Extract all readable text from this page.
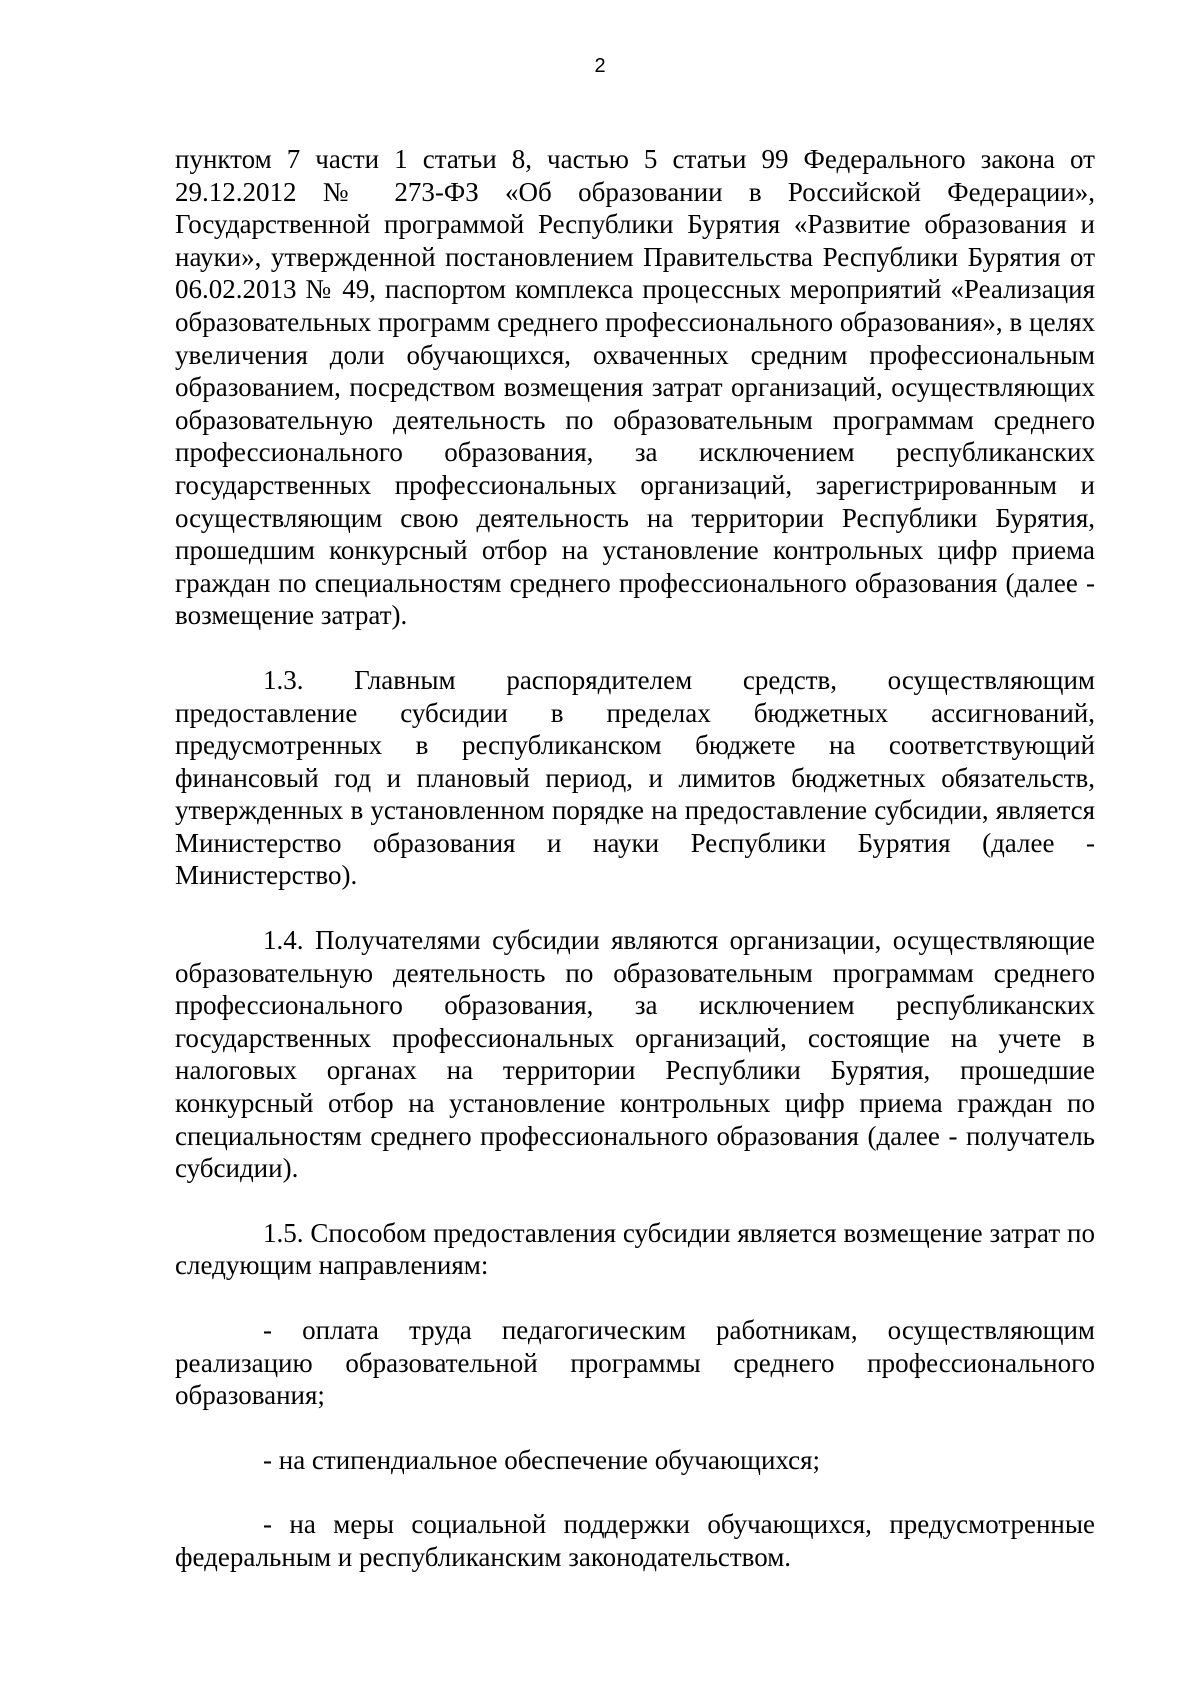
2

пунктом 7 части 1 статьи 8, частью 5 статьи 99 Федерального закона от 29.12.2012 № 273-ФЗ «Об образовании в Российской Федерации», Государственной программой Республики Бурятия «Развитие образования и науки», утвержденной постановлением Правительства Республики Бурятия от 06.02.2013 № 49, паспортом комплекса процессных мероприятий «Реализация образовательных программ среднего профессионального образования», в целях увеличения доли обучающихся, охваченных средним профессиональным образованием, посредством возмещения затрат организаций, осуществляющих образовательную деятельность по образовательным программам среднего профессионального образования, за исключением республиканских государственных профессиональных организаций, зарегистрированным и осуществляющим свою деятельность на территории Республики Бурятия, прошедшим конкурсный отбор на установление контрольных цифр приема граждан по специальностям среднего профессионального образования (далее - возмещение затрат).

1.3. Главным распорядителем средств, осуществляющим предоставление субсидии в пределах бюджетных ассигнований, предусмотренных в республиканском бюджете на соответствующий финансовый год и плановый период, и лимитов бюджетных обязательств, утвержденных в установленном порядке на предоставление субсидии, является Министерство образования и науки Республики Бурятия (далее - Министерство).

1.4. Получателями субсидии являются организации, осуществляющие образовательную деятельность по образовательным программам среднего профессионального образования, за исключением республиканских государственных профессиональных организаций, состоящие на учете в налоговых органах на территории Республики Бурятия, прошедшие конкурсный отбор на установление контрольных цифр приема граждан по специальностям среднего профессионального образования (далее - получатель субсидии).

1.5. Способом предоставления субсидии является возмещение затрат по следующим направлениям:

- оплата труда педагогическим работникам, осуществляющим реализацию образовательной программы среднего профессионального образования;

- на стипендиальное обеспечение обучающихся;

- на меры социальной поддержки обучающихся, предусмотренные федеральным и республиканским законодательством.
